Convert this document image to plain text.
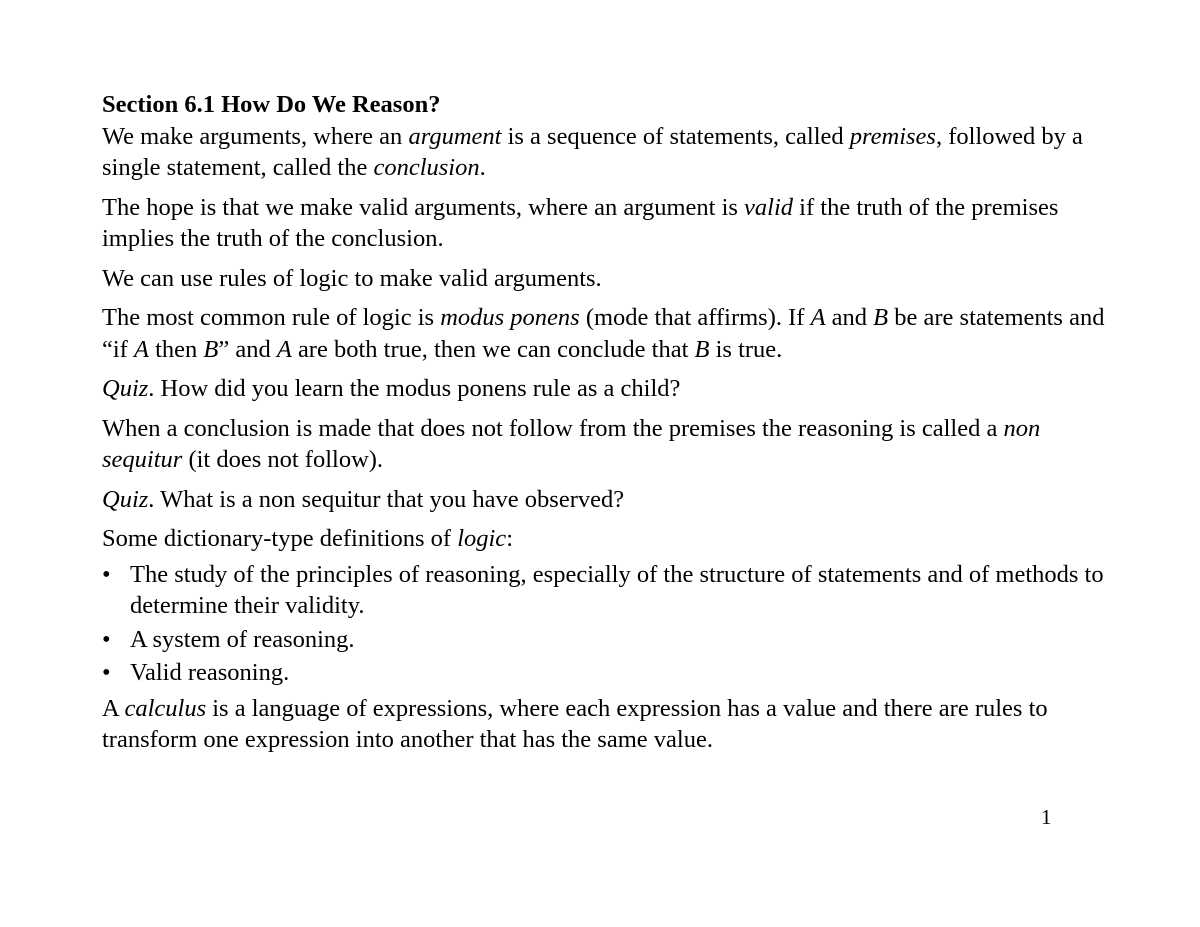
Section 6.1 How Do We Reason?

We make arguments, where an argument is a sequence of statements, called premises, followed by a single statement, called the conclusion.

The hope is that we make valid arguments, where an argument is valid if the truth of the premises implies the truth of the conclusion.

We can use rules of logic to make valid arguments.

The most common rule of logic is modus ponens (mode that affirms). If A and B be are statements and “if A then B” and A are both true, then we can conclude that B is true.

Quiz. How did you learn the modus ponens rule as a child?

When a conclusion is made that does not follow from the premises the reasoning is called a non sequitur (it does not follow).

Quiz. What is a non sequitur that you have observed?

Some dictionary-type definitions of logic:

• The study of the principles of reasoning, especially of the structure of statements and of methods to determine their validity.
• A system of reasoning.
• Valid reasoning.

A calculus is a language of expressions, where each expression has a value and there are rules to transform one expression into another that has the same value.

1
